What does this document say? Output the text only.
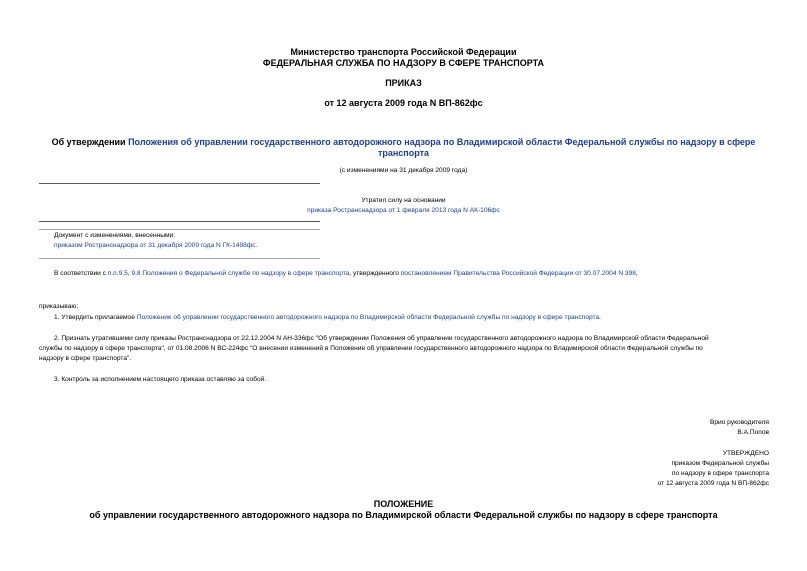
Министерство транспорта Российской Федерации
ФЕДЕРАЛЬНАЯ СЛУЖБА ПО НАДЗОРУ В СФЕРЕ ТРАНСПОРТА
ПРИКАЗ
от 12 августа 2009 года N ВП-862фс
Об утверждении Положения об управлении государственного автодорожного надзора по Владимирской области Федеральной службы по надзору в сфере транспорта
(с изменениями на 31 декабря 2009 года)
Утратил силу на основании
приказа Ространснадзора от 1 февраля 2013 года N АК-106фс
Документ с изменениями, внесенными:
приказом Ространснадзора от 31 декабря 2009 года N ГК-1498фс.
В соответствии с п.п.9.5, 9.8 Положения о Федеральной службе по надзору в сфере транспорта, утвержденного постановлением Правительства Российской Федерации от 30.07.2004 N 398,
приказываю:
1. Утвердить прилагаемое Положение об управлении государственного автодорожного надзора по Владимирской области Федеральной службы по надзору в сфере транспорта.
2. Признать утратившими силу приказы Ространснадзора от 22.12.2004 N АН-336фс "Об утверждении Положения об управлении государственного автодорожного надзора по Владимирской области Федеральной
службы по надзору в сфере транспорта", от 01.08.2006 N ВС-224фс "О внесении изменений в Положение об управлении государственного автодорожного надзора по Владимирской области Федеральной службы по
надзору в сфере транспорта".
3. Контроль за исполнением настоящего приказа оставляю за собой.
Врио руководителя
В.А.Попов
УТВЕРЖДЕНО
приказом Федеральной службы
по надзору в сфере транспорта
от 12 августа 2009 года N ВП-862фс
ПОЛОЖЕНИЕ
об управлении государственного автодорожного надзора по Владимирской области Федеральной службы по надзору в сфере транспорта
